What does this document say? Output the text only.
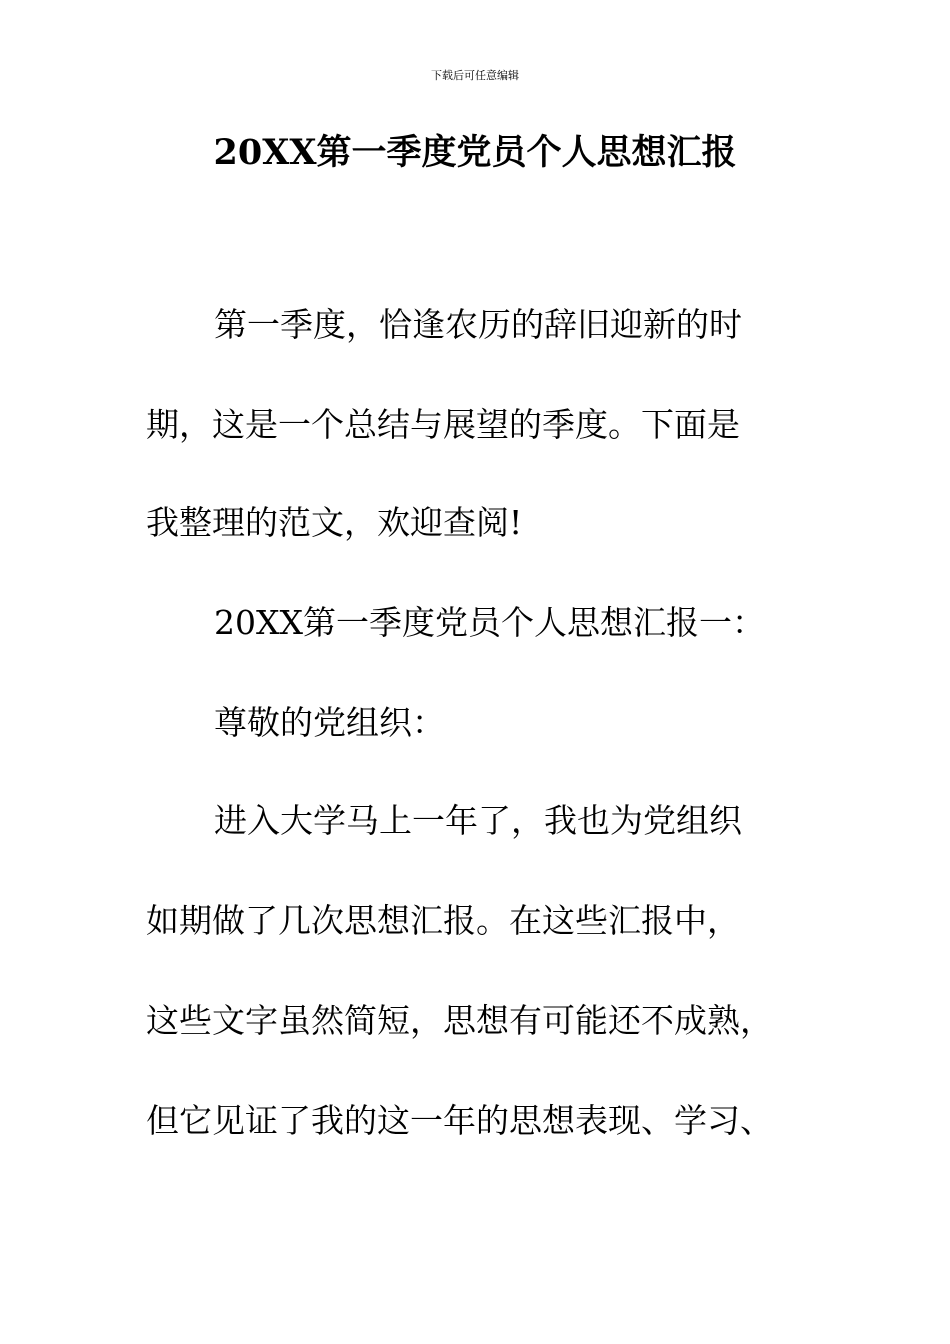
下载后可任意编辑
20XX第一季度党员个人思想汇报

第一季度，恰逢农历的辞旧迎新的时

期，这是一个总结与展望的季度。下面是

我整理的范文，欢迎查阅!

20XX第一季度党员个人思想汇报一：

尊敬的党组织：

进入大学马上一年了，我也为党组织

如期做了几次思想汇报。在这些汇报中，

这些文字虽然简短，思想有可能还不成熟，

但它见证了我的这一年的思想表现、学习、
